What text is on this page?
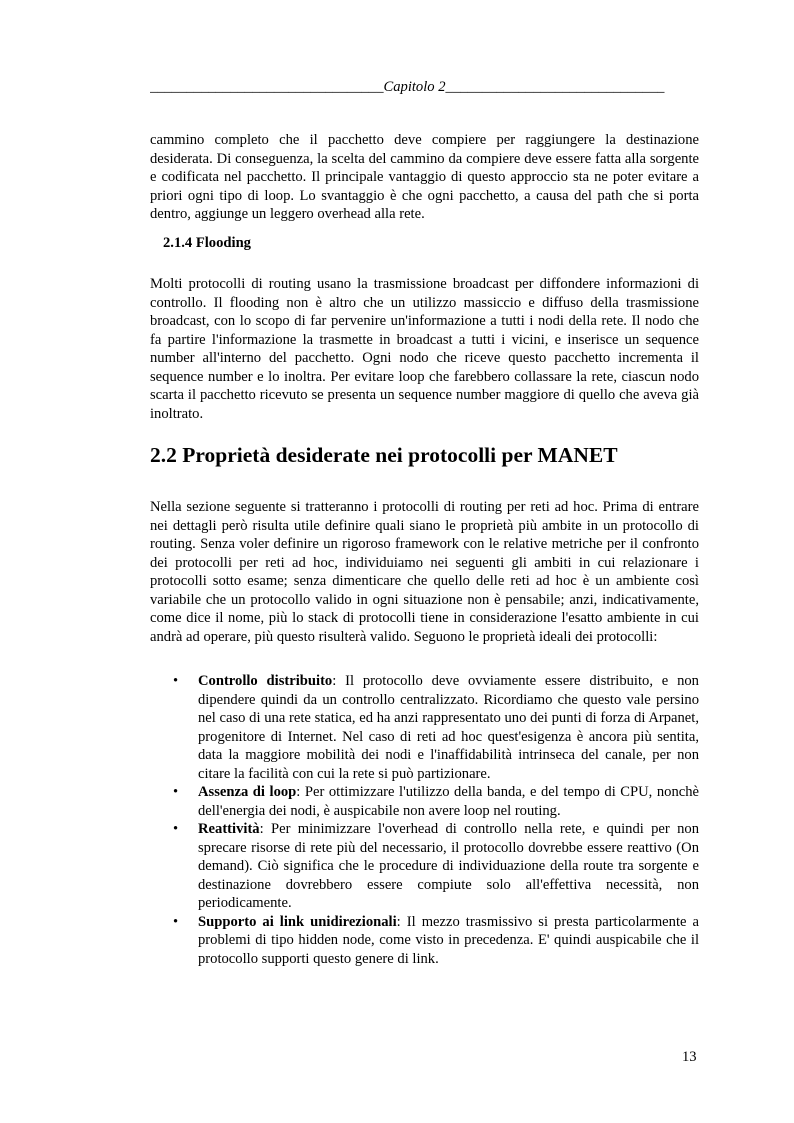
________________________________Capitolo 2______________________________

cammino completo che il pacchetto deve compiere per raggiungere la destinazione desiderata. Di conseguenza, la scelta del cammino da compiere deve essere fatta alla sorgente e codificata nel pacchetto. Il principale vantaggio di questo approccio sta ne poter evitare a priori ogni tipo di loop. Lo svantaggio è che ogni pacchetto, a causa del path che si porta dentro, aggiunge un leggero overhead alla rete.

2.1.4 Flooding

Molti protocolli di routing usano la trasmissione broadcast per diffondere informazioni di controllo. Il flooding non è altro che un utilizzo massiccio e diffuso della trasmissione broadcast, con lo scopo di far pervenire un'informazione a tutti i nodi della rete. Il nodo che fa partire l'informazione la trasmette in broadcast a tutti i vicini, e inserisce un sequence number all'interno del pacchetto. Ogni nodo che riceve questo pacchetto incrementa il sequence number e lo inoltra. Per evitare loop che farebbero collassare la rete, ciascun nodo scarta il pacchetto ricevuto se presenta un sequence number maggiore di quello che aveva già inoltrato.

2.2 Proprietà desiderate nei protocolli per MANET

Nella sezione seguente si tratteranno i protocolli di routing per reti ad hoc. Prima di entrare nei dettagli però risulta utile definire quali siano le proprietà più ambite in un protocollo di routing. Senza voler definire un rigoroso framework con le relative metriche per il confronto dei protocolli per reti ad hoc, individuiamo nei seguenti gli ambiti in cui relazionare i protocolli sotto esame; senza dimenticare che quello delle reti ad hoc è un ambiente così variabile che un protocollo valido in ogni situazione non è pensabile; anzi, indicativamente, come dice il nome, più lo stack di protocolli tiene in considerazione l'esatto ambiente in cui andrà ad operare, più questo risulterà valido. Seguono le proprietà ideali dei protocolli:

• Controllo distribuito: Il protocollo deve ovviamente essere distribuito, e non dipendere quindi da un controllo centralizzato. Ricordiamo che questo vale persino nel caso di una rete statica, ed ha anzi rappresentato uno dei punti di forza di Arpanet, progenitore di Internet. Nel caso di reti ad hoc quest'esigenza è ancora più sentita, data la maggiore mobilità dei nodi e l'inaffidabilità intrinseca del canale, per non citare la facilità con cui la rete si può partizionare.
• Assenza di loop: Per ottimizzare l'utilizzo della banda, e del tempo di CPU, nonchè dell'energia dei nodi, è auspicabile non avere loop nel routing.
• Reattività: Per minimizzare l'overhead di controllo nella rete, e quindi per non sprecare risorse di rete più del necessario, il protocollo dovrebbe essere reattivo (On demand). Ciò significa che le procedure di individuazione della route tra sorgente e destinazione dovrebbero essere compiute solo all'effettiva necessità, non periodicamente.
• Supporto ai link unidirezionali: Il mezzo trasmissivo si presta particolarmente a problemi di tipo hidden node, come visto in precedenza. E' quindi auspicabile che il protocollo supporti questo genere di link.
13
